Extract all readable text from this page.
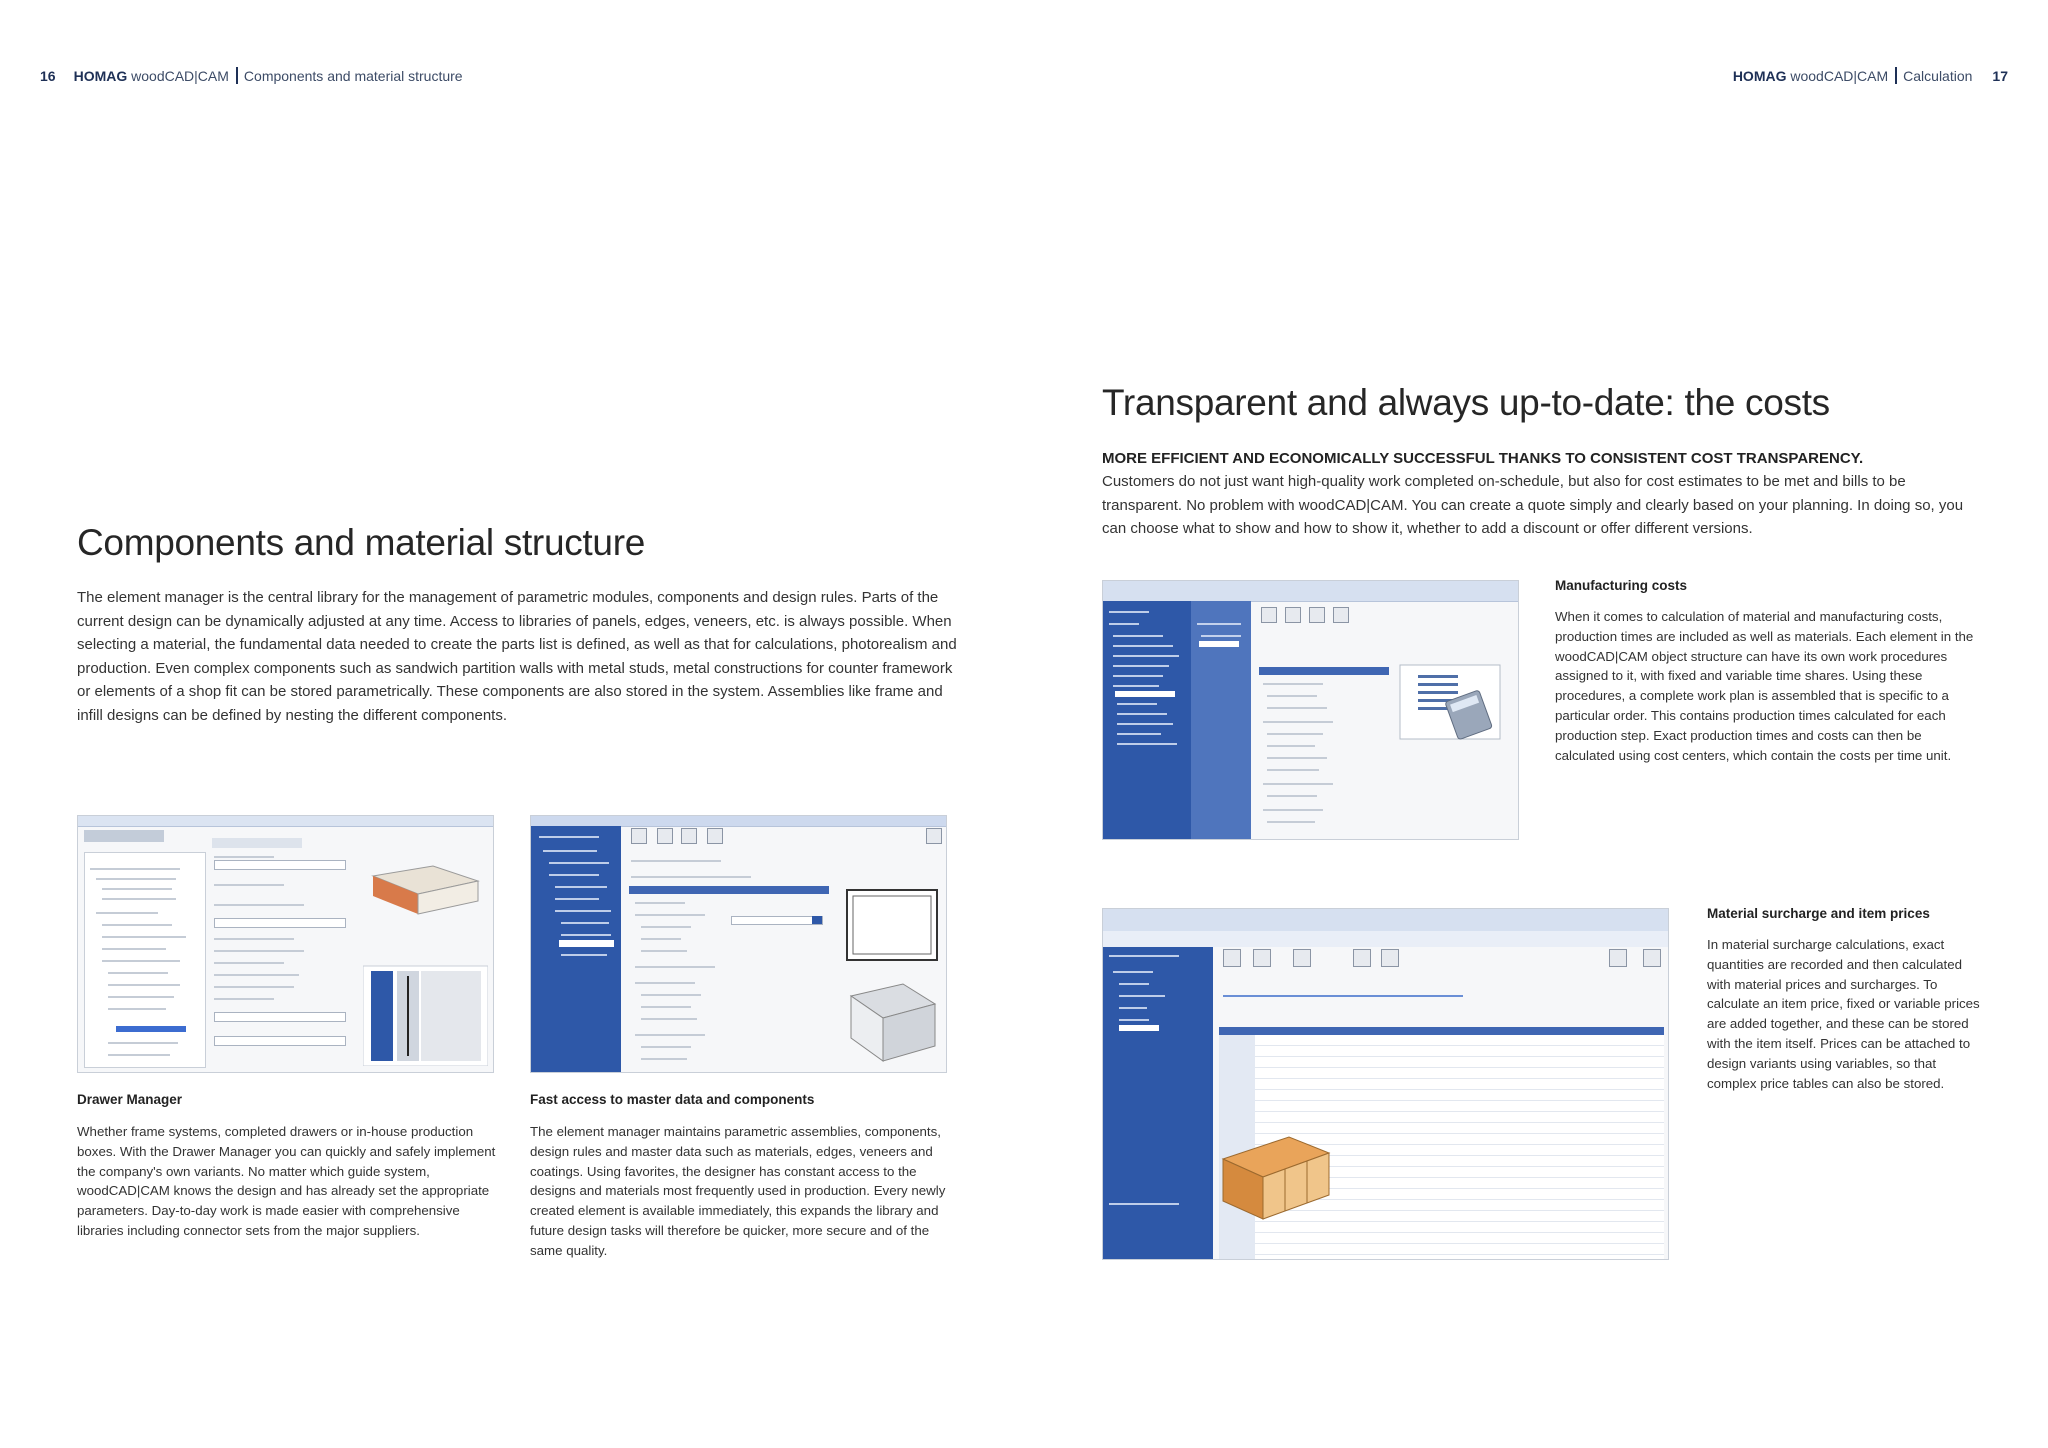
16 HOMAG woodCAD|CAM Components and material structure	HOMAG woodCAD|CAM Calculation 17
Components and material structure

The element manager is the central library for the management of parametric modules, components and design rules. Parts of the current design can be dynamically adjusted at any time. Access to libraries of panels, edges, veneers, etc. is always possible. When selecting a material, the fundamental data needed to create the parts list is defined, as well as that for calculations, photorealism and production. Even complex components such as sandwich partition walls with metal studs, metal constructions for counter framework or elements of a shop fit can be stored parametrically. These components are also stored in the system. Assemblies like frame and infill designs can be defined by nesting the different components.

Drawer Manager

Whether frame systems, completed drawers or in-house production boxes. With the Drawer Manager you can quickly and safely implement the company's own variants. No matter which guide system, woodCAD|CAM knows the design and has already set the appropriate parameters. Day-to-day work is made easier with comprehensive libraries including connector sets from the major suppliers.

Fast access to master data and components

The element manager maintains parametric assemblies, components, design rules and master data such as materials, edges, veneers and coatings. Using favorites, the designer has constant access to the designs and materials most frequently used in production. Every newly created element is available immediately, this expands the library and future design tasks will therefore be quicker, more secure and of the same quality.

Transparent and always up-to-date: the costs
MORE EFFICIENT AND ECONOMICALLY SUCCESSFUL THANKS TO CONSISTENT COST TRANSPARENCY.

Customers do not just want high-quality work completed on-schedule, but also for cost estimates to be met and bills to be transparent. No problem with woodCAD|CAM. You can create a quote simply and clearly based on your planning. In doing so, you can choose what to show and how to show it, whether to add a discount or offer different versions.

Manufacturing costs

When it comes to calculation of material and manufacturing costs, production times are included as well as materials. Each element in the woodCAD|CAM object structure can have its own work procedures assigned to it, with fixed and variable time shares. Using these procedures, a complete work plan is assembled that is specific to a particular order. This contains production times calculated for each production step. Exact production times and costs can then be calculated using cost centers, which contain the costs per time unit.

Material surcharge and item prices

In material surcharge calculations, exact quantities are recorded and then calculated with material prices and surcharges. To calculate an item price, fixed or variable prices are added together, and these can be stored with the item itself. Prices can be attached to design variants using variables, so that complex price tables can also be stored.
